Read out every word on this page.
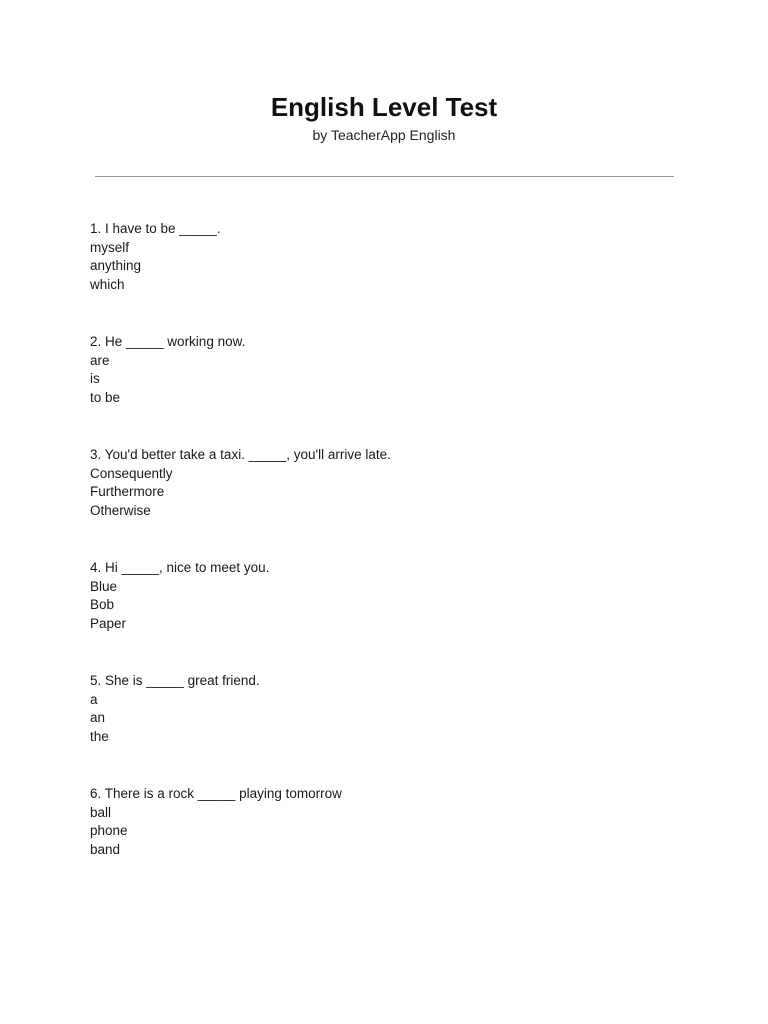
English Level Test
by TeacherApp English
1. I have to be _____.
myself
anything
which
2. He _____ working now.
are
is
to be
3. You'd better take a taxi. _____, you'll arrive late.
Consequently
Furthermore
Otherwise
4. Hi _____, nice to meet you.
Blue
Bob
Paper
5. She is _____ great friend.
a
an
the
6. There is a rock _____ playing tomorrow
ball
phone
band
